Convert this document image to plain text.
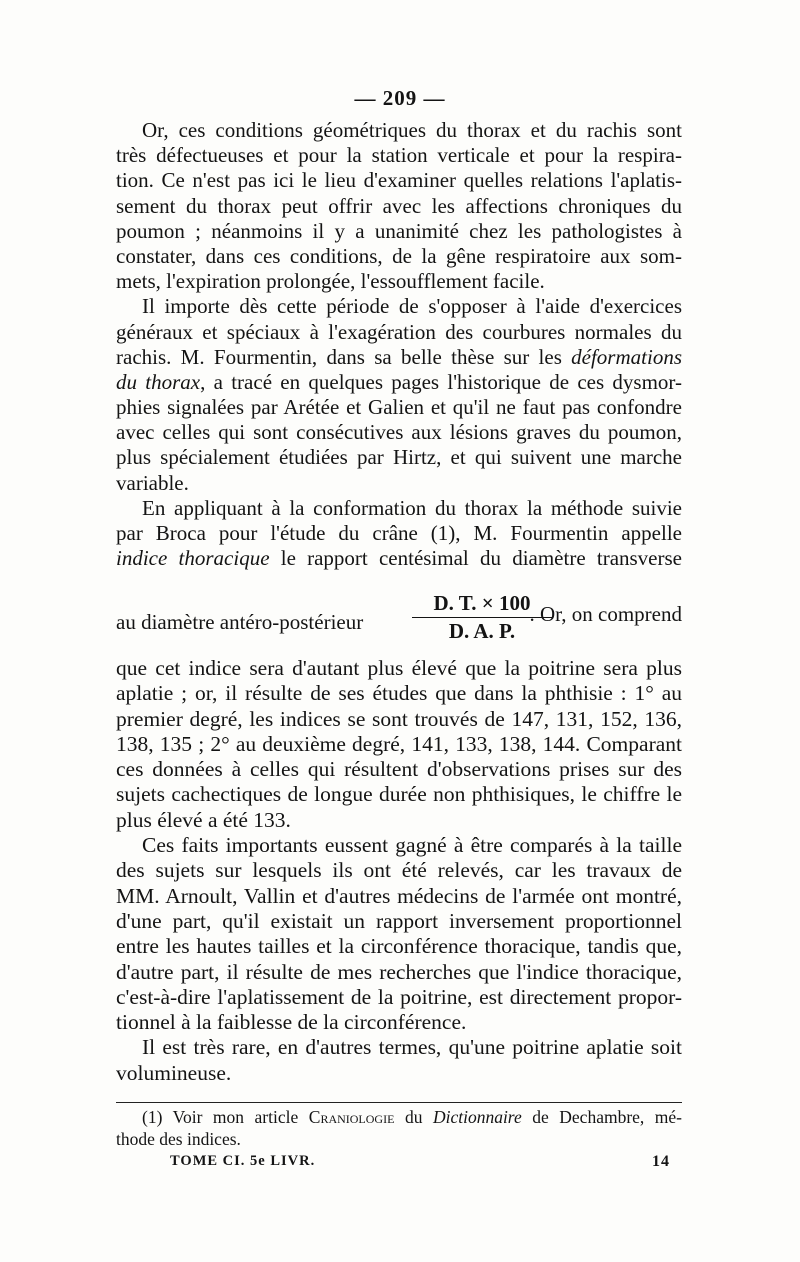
— 209 —
Or, ces conditions géométriques du thorax et du rachis sont
très défectueuses et pour la station verticale et pour la respira-
tion. Ce n'est pas ici le lieu d'examiner quelles relations l'aplatis-
sement du thorax peut offrir avec les affections chroniques du
poumon ; néanmoins il y a unanimité chez les pathologistes à
constater, dans ces conditions, de la gêne respiratoire aux som-
mets, l'expiration prolongée, l'essoufflement facile.
Il importe dès cette période de s'opposer à l'aide d'exercices
généraux et spéciaux à l'exagération des courbures normales du
rachis. M. Fourmentin, dans sa belle thèse sur les déformations
du thorax, a tracé en quelques pages l'historique de ces dysmor-
phies signalées par Arétée et Galien et qu'il ne faut pas confondre
avec celles qui sont consécutives aux lésions graves du poumon,
plus spécialement étudiées par Hirtz, et qui suivent une marche
variable.
En appliquant à la conformation du thorax la méthode suivie
par Broca pour l'étude du crâne (1), M. Fourmentin appelle
indice thoracique le rapport centésimal du diamètre transverse
au diamètre antéro-postérieur $\frac{D. T. \times 100}{D. A. P.}$
. Or, on comprend
que cet indice sera d'autant plus élevé que la poitrine sera plus
aplatie ; or, il résulte de ses études que dans la phthisie : 1° au
premier degré, les indices se sont trouvés de 147, 131, 152, 136,
138, 135 ; 2° au deuxième degré, 141, 133, 138, 144. Comparant
ces données à celles qui résultent d'observations prises sur des
sujets cachectiques de longue durée non phthisiques, le chiffre le
plus élevé a été 133.
Ces faits importants eussent gagné à être comparés à la taille
des sujets sur lesquels ils ont été relevés, car les travaux de
MM. Arnoult, Vallin et d'autres médecins de l'armée ont montré,
d'une part, qu'il existait un rapport inversement proportionnel
entre les hautes tailles et la circonférence thoracique, tandis que,
d'autre part, il résulte de mes recherches que l'indice thoracique,
c'est-à-dire l'aplatissement de la poitrine, est directement propor-
tionnel à la faiblesse de la circonférence.
Il est très rare, en d'autres termes, qu'une poitrine aplatie soit
volumineuse.
(1) Voir mon article Craniologie du Dictionnaire de Dechambre, mé-
thode des indices.
TOME CI. 5e LIVR.	14
